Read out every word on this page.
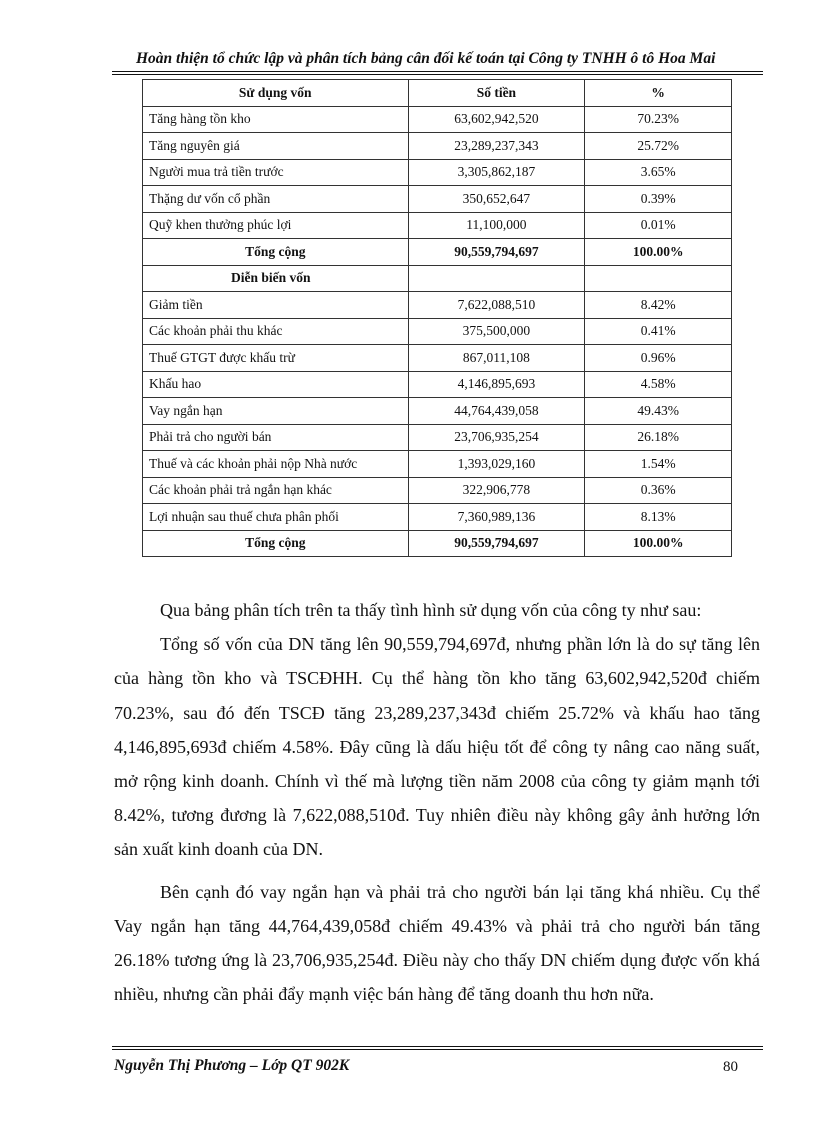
Hoàn thiện tổ chức lập và phân tích bảng cân đối kế toán tại Công ty TNHH ô tô Hoa Mai
Sử dụng vốn	Số tiền	%
Tăng hàng tồn kho	63,602,942,520	70.23%
Tăng nguyên giá	23,289,237,343	25.72%
Người mua trả tiền trước	3,305,862,187	3.65%
Thặng dư vốn cổ phần	350,652,647	0.39%
Quỹ khen thưởng phúc lợi	11,100,000	0.01%
Tổng cộng	90,559,794,697	100.00%
Diễn biến vốn		
Giảm tiền	7,622,088,510	8.42%
Các khoản phải thu khác	375,500,000	0.41%
Thuế GTGT được khấu trừ	867,011,108	0.96%
Khấu hao	4,146,895,693	4.58%
Vay ngắn hạn	44,764,439,058	49.43%
Phải trả cho người bán	23,706,935,254	26.18%
Thuế và các khoản phải nộp Nhà nước	1,393,029,160	1.54%
Các khoản phải trả ngắn hạn khác	322,906,778	0.36%
Lợi nhuận sau thuế chưa phân phối	7,360,989,136	8.13%
Tổng cộng	90,559,794,697	100.00%

Qua bảng phân tích trên ta thấy tình hình sử dụng vốn của công ty như sau:

Tổng số vốn của DN tăng lên 90,559,794,697đ, nhưng phần lớn là do sự tăng lên của hàng tồn kho và TSCĐHH. Cụ thể hàng tồn kho tăng 63,602,942,520đ chiếm 70.23%, sau đó đến TSCĐ tăng 23,289,237,343đ chiếm 25.72% và khấu hao tăng 4,146,895,693đ chiếm 4.58%. Đây cũng là dấu hiệu tốt để công ty nâng cao năng suất, mở rộng kinh doanh. Chính vì thế mà lượng tiền năm 2008 của công ty giảm mạnh tới 8.42%, tương đương là 7,622,088,510đ. Tuy nhiên điều này không gây ảnh hưởng lớn sản xuất kinh doanh của DN.

Bên cạnh đó vay ngắn hạn và phải trả cho người bán lại tăng khá nhiều. Cụ thể Vay ngắn hạn tăng 44,764,439,058đ chiếm 49.43% và phải trả cho người bán tăng 26.18% tương ứng là 23,706,935,254đ. Điều này cho thấy DN chiếm dụng được vốn khá nhiều, nhưng cần phải đẩy mạnh việc bán hàng để tăng doanh thu hơn nữa.

Nguyễn Thị Phương – Lớp QT 902K	80
